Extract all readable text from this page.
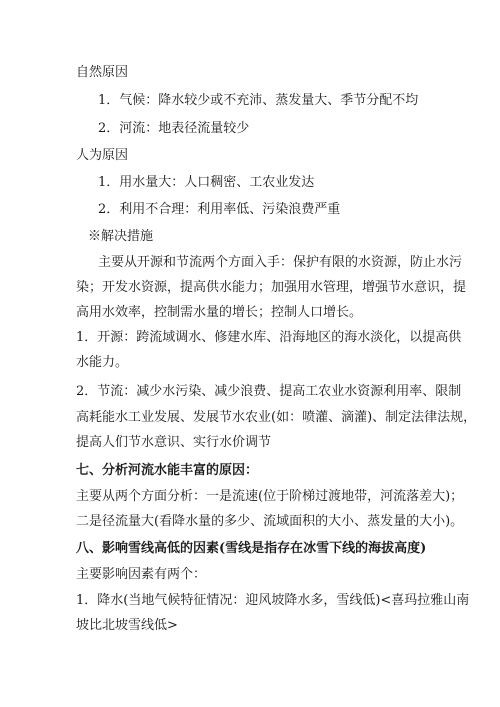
自然原因
1．气候：降水较少或不充沛、蒸发量大、季节分配不均
2．河流：地表径流量较少
人为原因
1．用水量大：人口稠密、工农业发达
2．利用不合理：利用率低、污染浪费严重
※解决措施
主要从开源和节流两个方面入手：保护有限的水资源，防止水污
染；开发水资源，提高供水能力；加强用水管理，增强节水意识，提
高用水效率，控制需水量的增长；控制人口增长。
1．开源：跨流域调水、修建水库、沿海地区的海水淡化，以提高供
水能力。
2．节流：减少水污染、减少浪费、提高工农业水资源利用率、限制
高耗能水工业发展、发展节水农业(如：喷灌、滴灌)、制定法律法规，
提高人们节水意识、实行水价调节
七、分析河流水能丰富的原因：
主要从两个方面分析：一是流速(位于阶梯过渡地带，河流落差大)；
二是径流量大(看降水量的多少、流域面积的大小、蒸发量的大小)。
八、影响雪线高低的因素(雪线是指存在冰雪下线的海拔高度)
主要影响因素有两个：
1．降水(当地气候特征情况：迎风坡降水多，雪线低)<喜玛拉雅山南
坡比北坡雪线低>
